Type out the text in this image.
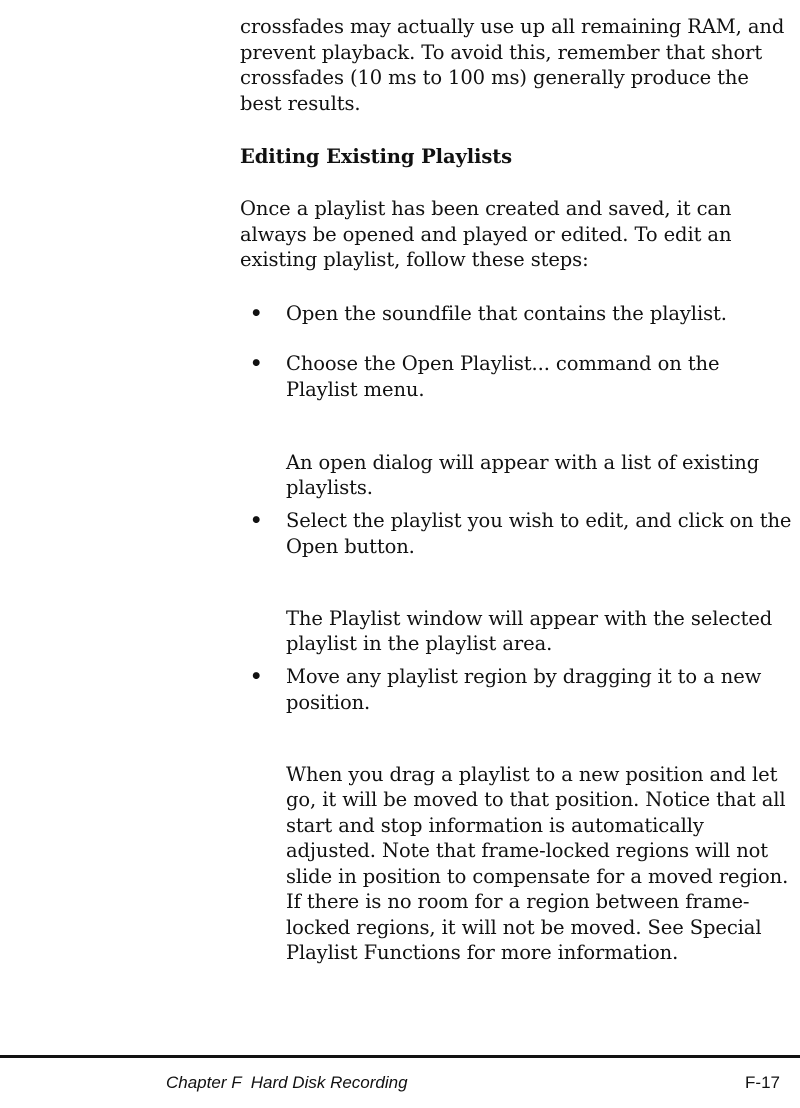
crossfades may actually use up all remaining RAM, and prevent playback. To avoid this, remember that short crossfades (10 ms to 100 ms) generally produce the best results.

Editing Existing Playlists

Once a playlist has been created and saved, it can always be opened and played or edited. To edit an existing playlist, follow these steps:

• Open the soundfile that contains the playlist.
• Choose the Open Playlist... command on the Playlist menu.

An open dialog will appear with a list of existing playlists.

• Select the playlist you wish to edit, and click on the Open button.

The Playlist window will appear with the selected playlist in the playlist area.

• Move any playlist region by dragging it to a new position.

When you drag a playlist to a new position and let go, it will be moved to that position. Notice that all start and stop information is automatically adjusted. Note that frame-locked regions will not slide in position to compensate for a moved region. If there is no room for a region between frame-locked regions, it will not be moved. See Special Playlist Functions for more information.

Chapter F  Hard Disk Recording	F-17
